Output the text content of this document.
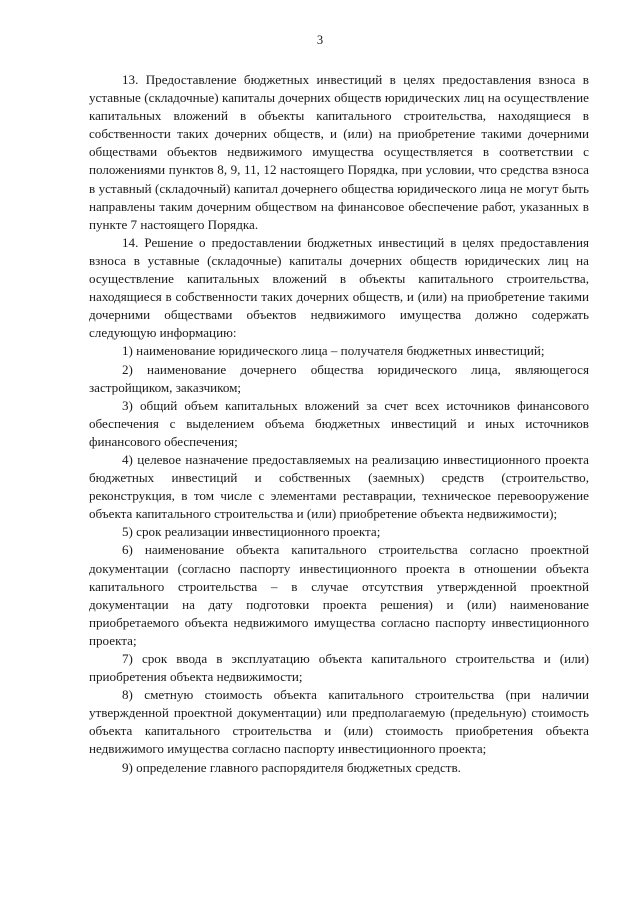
3

13. Предоставление бюджетных инвестиций в целях предоставления взноса в уставные (складочные) капиталы дочерних обществ юридических лиц на осуществление капитальных вложений в объекты капитального строительства, находящиеся в собственности таких дочерних обществ, и (или) на приобретение такими дочерними обществами объектов недвижимого имущества осуществляется в соответствии с положениями пунктов 8, 9, 11, 12 настоящего Порядка, при условии, что средства взноса в уставный (складочный) капитал дочернего общества юридического лица не могут быть направлены таким дочерним обществом на финансовое обеспечение работ, указанных в пункте 7 настоящего Порядка.

14. Решение о предоставлении бюджетных инвестиций в целях предоставления взноса в уставные (складочные) капиталы дочерних обществ юридических лиц на осуществление капитальных вложений в объекты капитального строительства, находящиеся в собственности таких дочерних обществ, и (или) на приобретение такими дочерними обществами объектов недвижимого имущества должно содержать следующую информацию:

1) наименование юридического лица – получателя бюджетных инвестиций;

2) наименование дочернего общества юридического лица, являющегося застройщиком, заказчиком;

3) общий объем капитальных вложений за счет всех источников финансового обеспечения с выделением объема бюджетных инвестиций и иных источников финансового обеспечения;

4) целевое назначение предоставляемых на реализацию инвестиционного проекта бюджетных инвестиций и собственных (заемных) средств (строительство, реконструкция, в том числе с элементами реставрации, техническое перевооружение объекта капитального строительства и (или) приобретение объекта недвижимости);

5) срок реализации инвестиционного проекта;

6) наименование объекта капитального строительства согласно проектной документации (согласно паспорту инвестиционного проекта в отношении объекта капитального строительства – в случае отсутствия утвержденной проектной документации на дату подготовки проекта решения) и (или) наименование приобретаемого объекта недвижимого имущества согласно паспорту инвестиционного проекта;

7) срок ввода в эксплуатацию объекта капитального строительства и (или) приобретения объекта недвижимости;

8) сметную стоимость объекта капитального строительства (при наличии утвержденной проектной документации) или предполагаемую (предельную) стоимость объекта капитального строительства и (или) стоимость приобретения объекта недвижимого имущества согласно паспорту инвестиционного проекта;

9) определение главного распорядителя бюджетных средств.
